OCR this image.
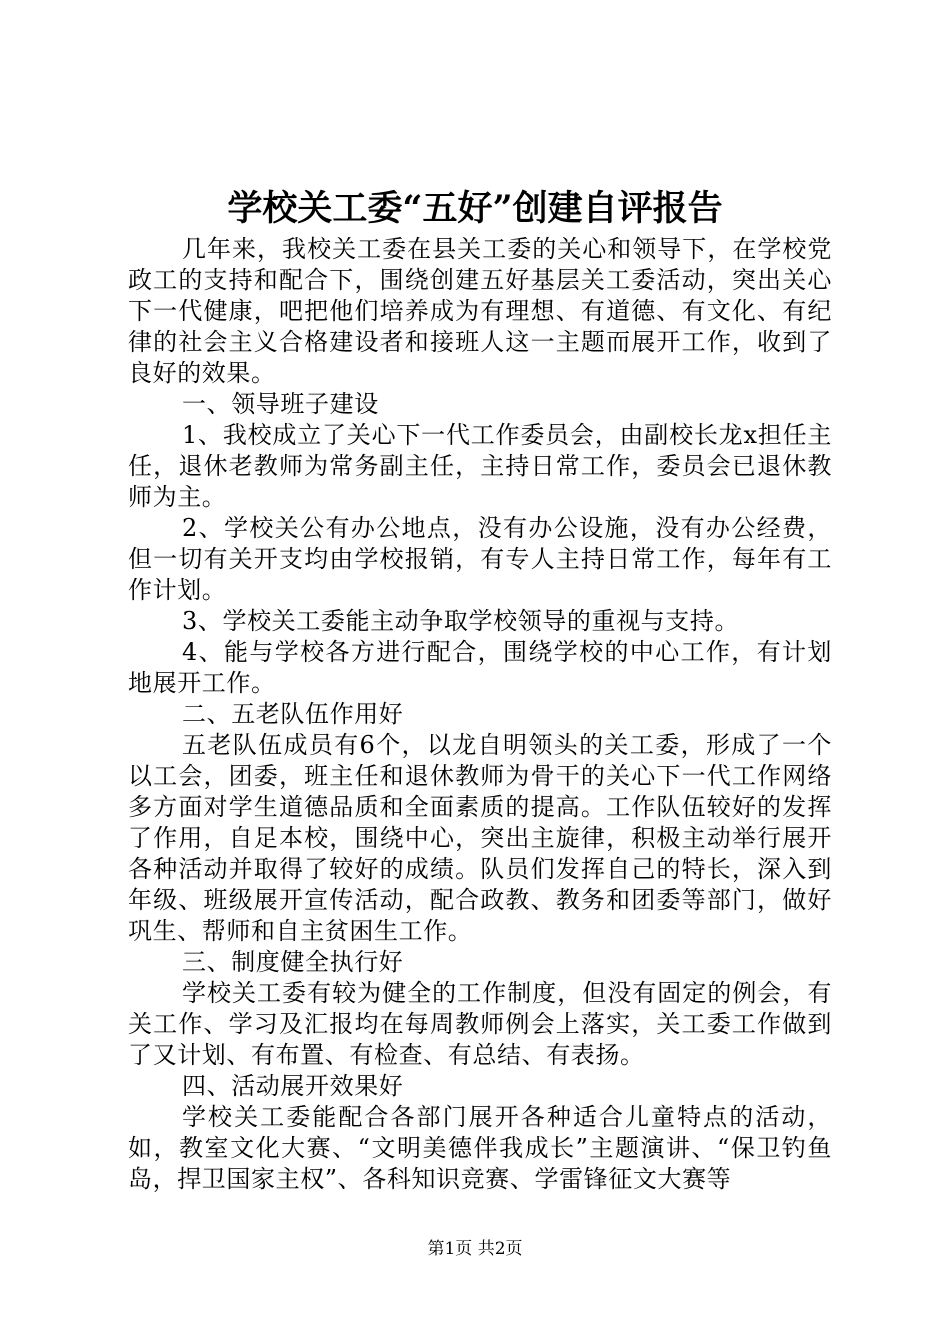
学校关工委“五好”创建自评报告

几年来，我校关工委在县关工委的关心和领导下，在学校党政工的支持和配合下，围绕创建五好基层关工委活动，突出关心下一代健康，吧把他们培养成为有理想、有道德、有文化、有纪律的社会主义合格建设者和接班人这一主题而展开工作，收到了良好的效果。

一、领导班子建设

1、我校成立了关心下一代工作委员会，由副校长龙x担任主任，退休老教师为常务副主任，主持日常工作，委员会已退休教师为主。

2、学校关公有办公地点，没有办公设施，没有办公经费，但一切有关开支均由学校报销，有专人主持日常工作，每年有工作计划。

3、学校关工委能主动争取学校领导的重视与支持。

4、能与学校各方进行配合，围绕学校的中心工作，有计划地展开工作。

二、五老队伍作用好

五老队伍成员有6个，以龙自明领头的关工委，形成了一个以工会，团委，班主任和退休教师为骨干的关心下一代工作网络多方面对学生道德品质和全面素质的提高。工作队伍较好的发挥了作用，自足本校，围绕中心，突出主旋律，积极主动举行展开各种活动并取得了较好的成绩。队员们发挥自己的特长，深入到年级、班级展开宣传活动，配合政教、教务和团委等部门，做好巩生、帮师和自主贫困生工作。

三、制度健全执行好

学校关工委有较为健全的工作制度，但没有固定的例会，有关工作、学习及汇报均在每周教师例会上落实，关工委工作做到了又计划、有布置、有检查、有总结、有表扬。

四、活动展开效果好

学校关工委能配合各部门展开各种适合儿童特点的活动，如，教室文化大赛、“文明美德伴我成长”主题演讲、“保卫钓鱼岛，捍卫国家主权”、各科知识竞赛、学雷锋征文大赛等

第1页 共2页
